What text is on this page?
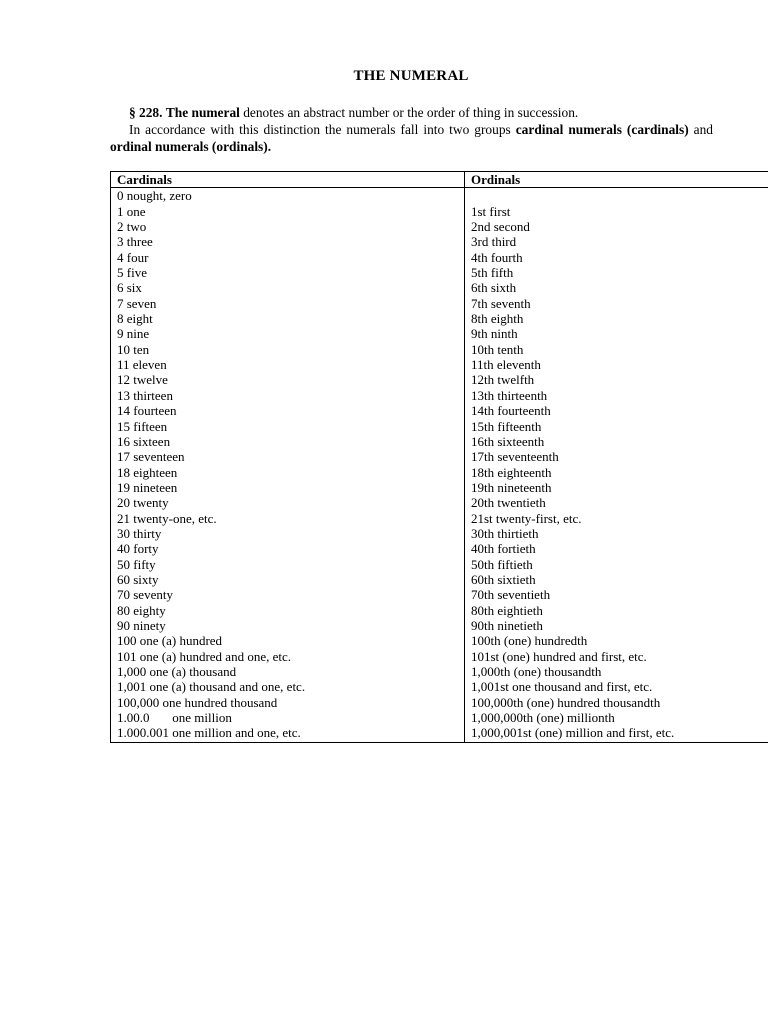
THE NUMERAL
§ 228. The numeral denotes an abstract number or the order of thing in succession.
In accordance with this distinction the numerals fall into two groups cardinal numerals (cardinals) and ordinal numerals (ordinals).
Cardinals	Ordinals
0 nought, zero	
1 one	1st first
2 two	2nd second
3 three	3rd third
4 four	4th fourth
5 five	5th fifth
6 six	6th sixth
7 seven	7th seventh
8 eight	8th eighth
9 nine	9th ninth
10 ten	10th tenth
11 eleven	11th eleventh
12 twelve	12th twelfth
13 thirteen	13th thirteenth
14 fourteen	14th fourteenth
15 fifteen	15th fifteenth
16 sixteen	16th sixteenth
17 seventeen	17th seventeenth
18 eighteen	18th eighteenth
19 nineteen	19th nineteenth
20 twenty	20th twentieth
21 twenty-one, etc.	21st twenty-first, etc.
30 thirty	30th thirtieth
40 forty	40th fortieth
50 fifty	50th fiftieth
60 sixty	60th sixtieth
70 seventy	70th seventieth
80 eighty	80th eightieth
90 ninety	90th ninetieth
100 one (a) hundred	100th (one) hundredth
101 one (a) hundred and one, etc.	101st (one) hundred and first, etc.
1,000 one (a) thousand	1,000th (one) thousandth
1,001 one (a) thousand and one, etc.	1,001st one thousand and first, etc.
100,000 one hundred thousand	100,000th (one) hundred thousandth
1.00.0       one million	1,000,000th (one) millionth
1.000.001 one million and one, etc.	1,000,001st (one) million and first, etc.
